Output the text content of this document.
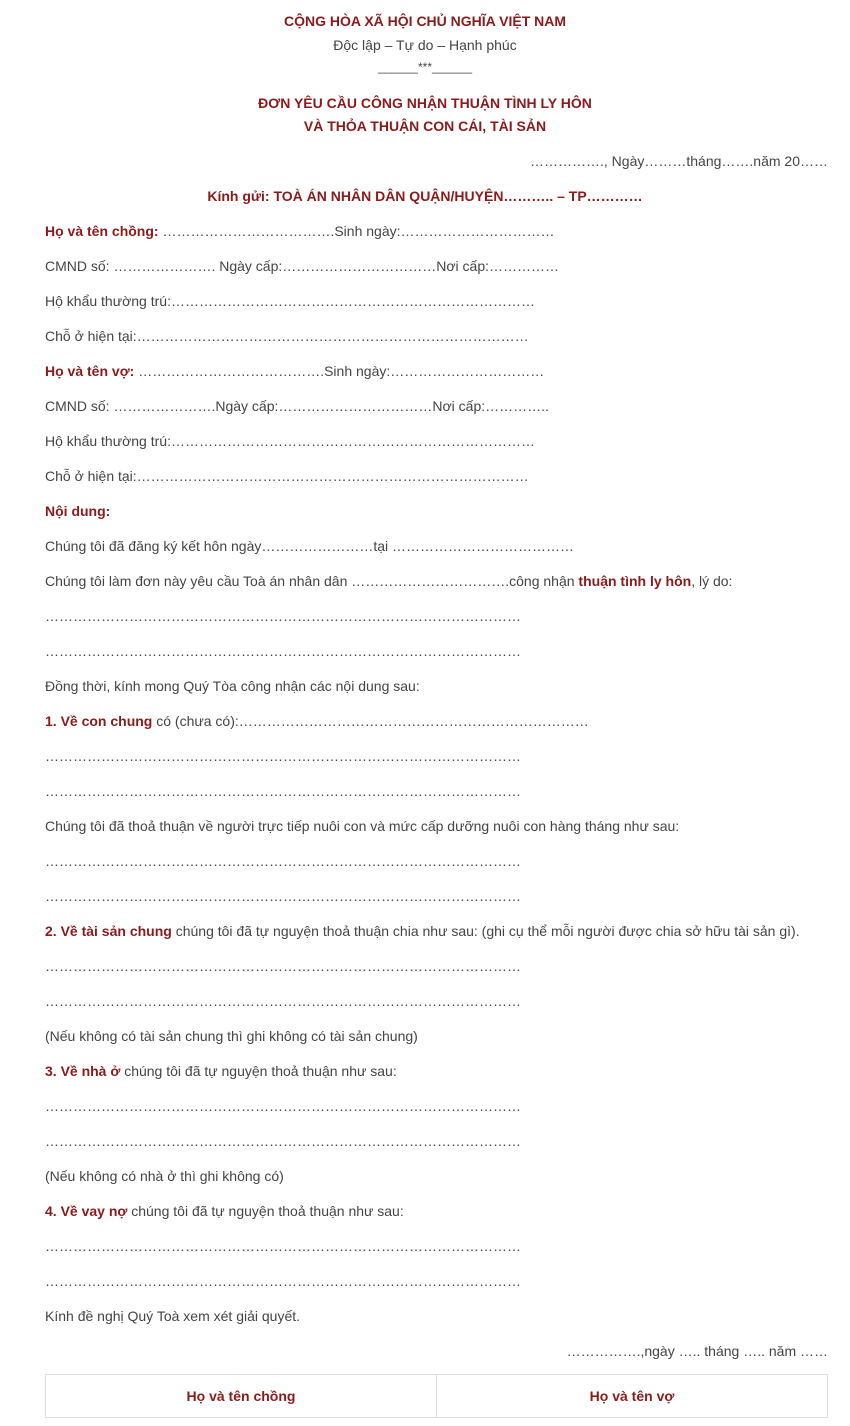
CỘNG HÒA XÃ HỘI CHỦ NGHĨA VIỆT NAM
Độc lập – Tự do – Hạnh phúc
______***______
ĐƠN YÊU CẦU CÔNG NHẬN THUẬN TÌNH LY HÔN
VÀ THỎA THUẬN CON CÁI, TÀI SẢN
……………., Ngày………tháng…….năm 20……
Kính gửi: TOÀ ÁN NHÂN DÂN QUẬN/HUYỆN……….. – TP…………
Họ và tên chồng: ……………………………….Sinh ngày:……………………………
CMND số: …………………. Ngày cấp:……………………………Nơi cấp:……………
Hộ khẩu thường trú:……………………………………………………………………
Chỗ ở hiện tại:…………………………………………………………………………
Họ và tên vợ: ………………………………….Sinh ngày:……………………………
CMND số: ………………….Ngày cấp:……………………………Nơi cấp:…………..
Hộ khẩu thường trú:……………………………………………………………………
Chỗ ở hiện tại:…………………………………………………………………………
Nội dung:
Chúng tôi đã đăng ký kết hôn ngày……………………tại …………………………………
Chúng tôi làm đơn này yêu cầu Toà án nhân dân …………………………….công nhận thuận tình ly hôn, lý do:
…………………………………………………………………………………………
…………………………………………………………………………………………
Đồng thời, kính mong Quý Tòa công nhận các nội dung sau:
1. Về con chung có (chưa có):…………………………………………………………………
…………………………………………………………………………………………
…………………………………………………………………………………………
Chúng tôi đã thoả thuận về người trực tiếp nuôi con và mức cấp dưỡng nuôi con hàng tháng như sau:
…………………………………………………………………………………………
…………………………………………………………………………………………
2. Về tài sản chung chúng tôi đã tự nguyện thoả thuận chia như sau: (ghi cụ thể mỗi người được chia sở hữu tài sản gì).
…………………………………………………………………………………………
…………………………………………………………………………………………
(Nếu không có tài sản chung thì ghi không có tài sản chung)
3. Về nhà ở chúng tôi đã tự nguyện thoả thuận như sau:
…………………………………………………………………………………………
…………………………………………………………………………………………
(Nếu không có nhà ở thì ghi không có)
4. Về vay nợ chúng tôi đã tự nguyện thoả thuận như sau:
…………………………………………………………………………………………
…………………………………………………………………………………………
Kính đề nghị Quý Toà xem xét giải quyết.
…………….,ngày ….. tháng ….. năm ……
Họ và tên chồng	Họ và tên vợ
